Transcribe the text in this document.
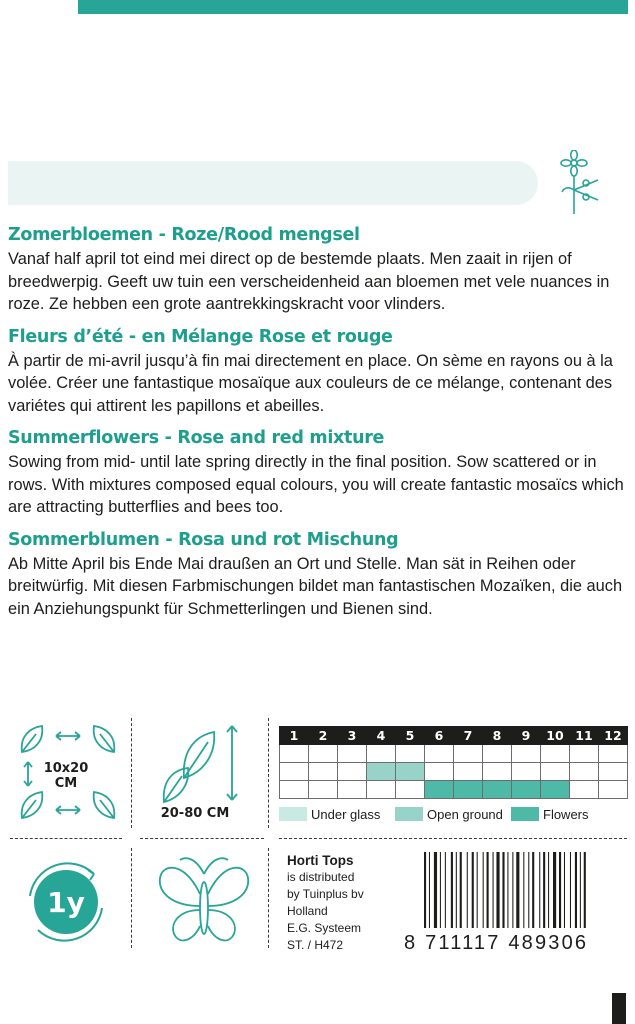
Zomerbloemen - Roze/Rood mengsel

Vanaf half april tot eind mei direct op de bestemde plaats. Men zaait in rijen of breedwerpig. Geeft uw tuin een verscheidenheid aan bloemen met vele nuances in roze. Ze hebben een grote aantrekkingskracht voor vlinders.

Fleurs d’été - en Mélange Rose et rouge

À partir de mi-avril jusqu’à fin mai directement en place. On sème en rayons ou à la volée. Créer une fantastique mosaïque aux couleurs de ce mélange, contenant des variétes qui attirent les papillons et abeilles.

Summerflowers - Rose and red mixture

Sowing from mid- until late spring directly in the final position. Sow scattered or in rows. With mixtures composed equal colours, you will create fantastic mosaïcs which are attracting butterflies and bees too.

Sommerblumen - Rosa und rot Mischung

Ab Mitte April bis Ende Mai draußen an Ort und Stelle. Man sät in Reihen oder breitwürfig. Mit diesen Farbmischungen bildet man fantastischen Mozaïken, die auch ein Anziehungspunkt für Schmetterlingen und Bienen sind.

10x20
CM
20-80 CM
1	2	3	4	5	6	7	8	9	10	11	12

Under glass	Open ground	Flowers
1y
Horti Tops
is distributed
by Tuinplus bv
Holland
E.G. Systeem
ST. / H472	8 711117 489306
